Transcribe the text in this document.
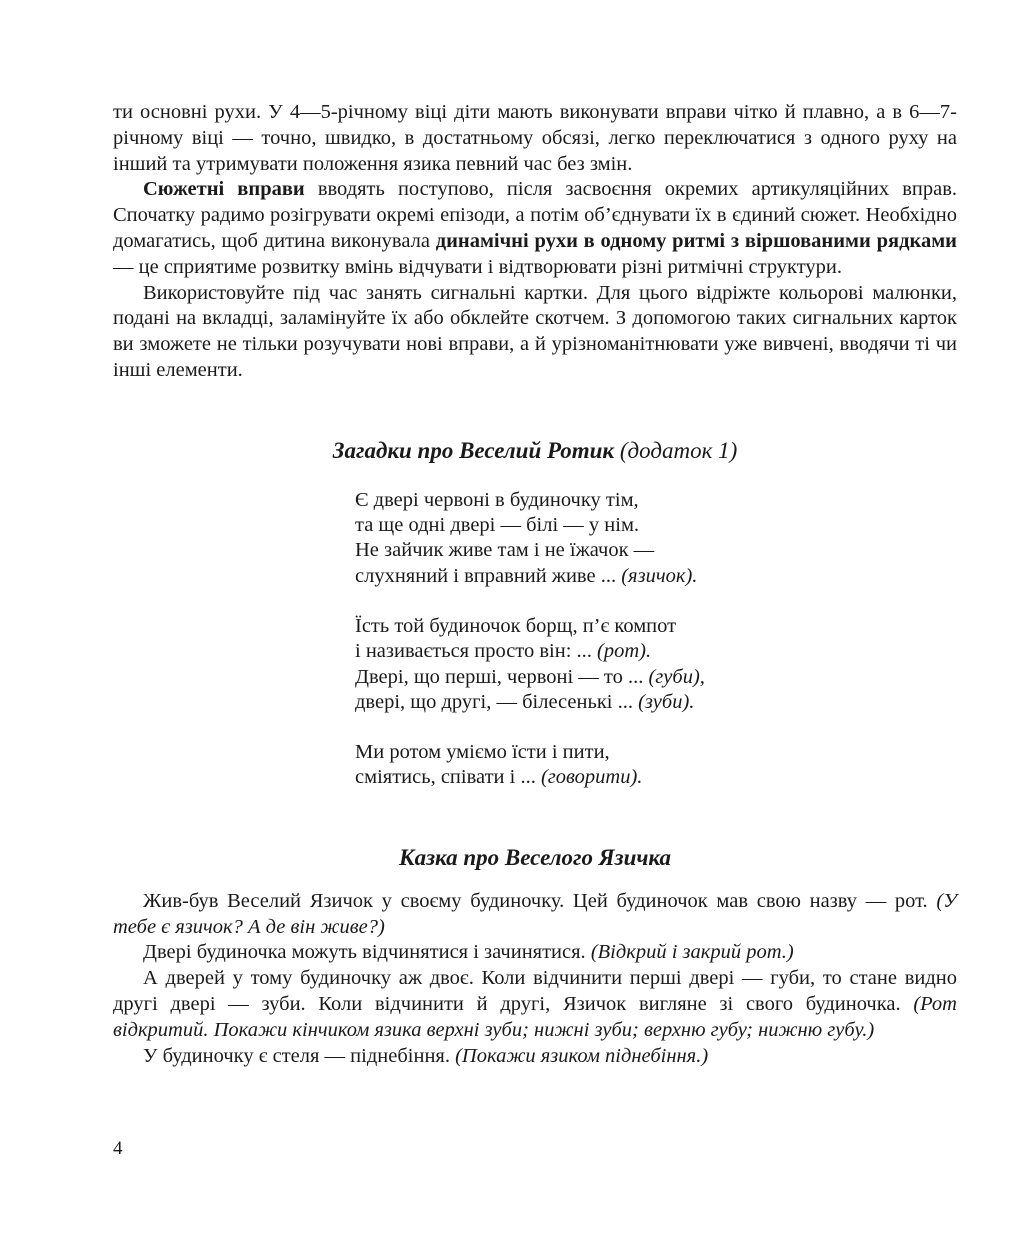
ти основні рухи. У 4—5-річному віці діти мають виконувати вправи чітко й плавно, а в 6—7-річному віці — точно, швидко, в достатньому обсязі, легко переключатися з одного руху на інший та утримувати положення язика певний час без змін.

Сюжетні вправи вводять поступово, після засвоєння окремих артикуляційних вправ. Спочатку радимо розігрувати окремі епізоди, а потім об’єднувати їх в єдиний сюжет. Необхідно домагатись, щоб дитина виконувала динамічні рухи в одному ритмі з віршованими рядками — це сприятиме розвитку вмінь відчувати і відтворювати різні ритмічні структури.

Використовуйте під час занять сигнальні картки. Для цього відріжте кольорові малюнки, подані на вкладці, заламінуйте їх або обклейте скотчем. З допомогою таких сигнальних карток ви зможете не тільки розучувати нові вправи, а й урізноманітнювати уже вивчені, вводячи ті чи інші елементи.

Загадки про Веселий Ротик (додаток 1)
Є двері червоні в будиночку тім,
та ще одні двері — білі — у нім.
Не зайчик живе там і не їжачок —
слухняний і вправний живе ... (язичок).
Їсть той будиночок борщ, п’є компот
і називається просто він: ... (рот).
Двері, що перші, червоні — то ... (губи),
двері, що другі, — білесенькі ... (зуби).
Ми ротом уміємо їсти і пити,
сміятись, співати і ... (говорити).
Казка про Веселого Язичка

Жив-був Веселий Язичок у своєму будиночку. Цей будиночок мав свою назву — рот. (У тебе є язичок? А де він живе?)

Двері будиночка можуть відчинятися і зачинятися. (Відкрий і закрий рот.)

А дверей у тому будиночку аж двоє. Коли відчинити перші двері — губи, то стане видно другі двері — зуби. Коли відчинити й другі, Язичок вигляне зі свого будиночка. (Рот відкритий. Покажи кінчиком язика верхні зуби; нижні зуби; верхню губу; нижню губу.)

У будиночку є стеля — піднебіння. (Покажи язиком піднебіння.)

4
